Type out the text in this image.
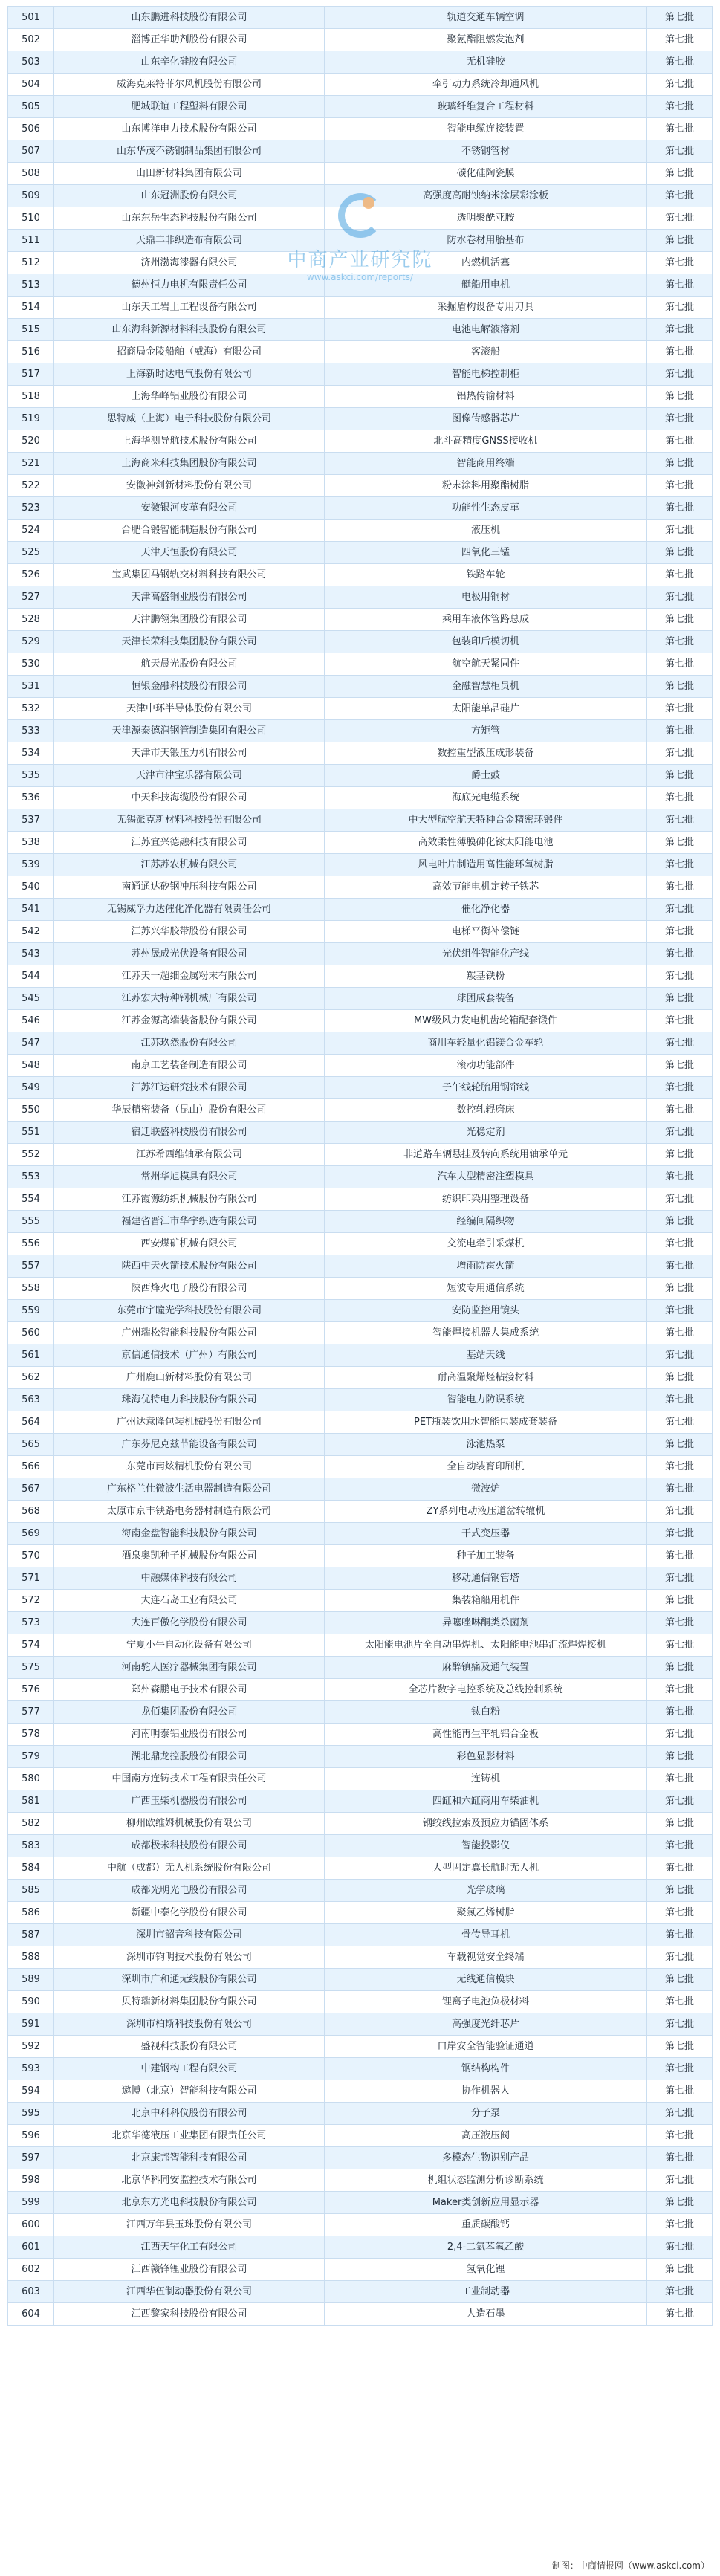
501	山东鹏进科技股份有限公司	轨道交通车辆空调	第七批
502	淄博正华助剂股份有限公司	聚氨酯阻燃发泡剂	第七批
503	山东辛化硅胶有限公司	无机硅胶	第七批
504	威海克莱特菲尔风机股份有限公司	牵引动力系统冷却通风机	第七批
505	肥城联谊工程塑料有限公司	玻璃纤维复合工程材料	第七批
506	山东博洋电力技术股份有限公司	智能电缆连接装置	第七批
507	山东华茂不锈钢制品集团有限公司	不锈钢管材	第七批
508	山田新材料集团有限公司	碳化硅陶瓷膜	第七批
509	山东冠洲股份有限公司	高强度高耐蚀纳米涂层彩涂板	第七批
510	山东东岳生态科技股份有限公司	透明聚酰亚胺	第七批
511	天鼎丰非织造布有限公司	防水卷材用胎基布	第七批
512	济州渤海漆器有限公司	内燃机活塞	第七批
513	德州恒力电机有限责任公司	艇船用电机	第七批
514	山东天工岩土工程设备有限公司	采掘盾构设备专用刀具	第七批
515	山东海科新源材料科技股份有限公司	电池电解液溶剂	第七批
516	招商局金陵船舶（威海）有限公司	客滚船	第七批
517	上海新时达电气股份有限公司	智能电梯控制柜	第七批
518	上海华峰铝业股份有限公司	铝热传输材料	第七批
519	思特威（上海）电子科技股份有限公司	图像传感器芯片	第七批
520	上海华测导航技术股份有限公司	北斗高精度GNSS接收机	第七批
521	上海商米科技集团股份有限公司	智能商用终端	第七批
522	安徽神剑新材料股份有限公司	粉末涂料用聚酯树脂	第七批
523	安徽银河皮革有限公司	功能性生态皮革	第七批
524	合肥合锻智能制造股份有限公司	液压机	第七批
525	天津天恒股份有限公司	四氧化三锰	第七批
526	宝武集团马钢轨交材料科技有限公司	铁路车轮	第七批
527	天津高盛铜业股份有限公司	电极用铜材	第七批
528	天津鹏翎集团股份有限公司	乘用车液体管路总成	第七批
529	天津长荣科技集团股份有限公司	包装印后模切机	第七批
530	航天晨光股份有限公司	航空航天紧固件	第七批
531	恒银金融科技股份有限公司	金融智慧柜员机	第七批
532	天津中环半导体股份有限公司	太阳能单晶硅片	第七批
533	天津源泰德润钢管制造集团有限公司	方矩管	第七批
534	天津市天锻压力机有限公司	数控重型液压成形装备	第七批
535	天津市津宝乐器有限公司	爵士鼓	第七批
536	中天科技海缆股份有限公司	海底光电缆系统	第七批
537	无锡派克新材料科技股份有限公司	中大型航空航天特种合金精密环锻件	第七批
538	江苏宜兴德融科技有限公司	高效柔性薄膜砷化镓太阳能电池	第七批
539	江苏苏农机械有限公司	风电叶片制造用高性能环氧树脂	第七批
540	南通通达矽钢冲压科技有限公司	高效节能电机定转子铁芯	第七批
541	无锡威孚力达催化净化器有限责任公司	催化净化器	第七批
542	江苏兴华胶带股份有限公司	电梯平衡补偿链	第七批
543	苏州晟成光伏设备有限公司	光伏组件智能化产线	第七批
544	江苏天一超细金属粉末有限公司	羰基铁粉	第七批
545	江苏宏大特种钢机械厂有限公司	球团成套装备	第七批
546	江苏金源高端装备股份有限公司	MW级风力发电机齿轮箱配套锻件	第七批
547	江苏玖然股份有限公司	商用车轻量化铝镁合金车轮	第七批
548	南京工艺装备制造有限公司	滚动功能部件	第七批
549	江苏江达研究技术有限公司	子午线轮胎用钢帘线	第七批
550	华辰精密装备（昆山）股份有限公司	数控轧辊磨床	第七批
551	宿迁联盛科技股份有限公司	光稳定剂	第七批
552	江苏希西维轴承有限公司	非道路车辆悬挂及转向系统用轴承单元	第七批
553	常州华旭模具有限公司	汽车大型精密注塑模具	第七批
554	江苏霞源纺织机械股份有限公司	纺织印染用整理设备	第七批
555	福建省晋江市华宇织造有限公司	经编间隔织物	第七批
556	西安煤矿机械有限公司	交流电牵引采煤机	第七批
557	陕西中天火箭技术股份有限公司	增雨防雹火箭	第七批
558	陕西烽火电子股份有限公司	短波专用通信系统	第七批
559	东莞市宇瞳光学科技股份有限公司	安防监控用镜头	第七批
560	广州瑞松智能科技股份有限公司	智能焊接机器人集成系统	第七批
561	京信通信技术（广州）有限公司	基站天线	第七批
562	广州鹿山新材料股份有限公司	耐高温聚烯烃粘接材料	第七批
563	珠海优特电力科技股份有限公司	智能电力防误系统	第七批
564	广州达意隆包装机械股份有限公司	PET瓶装饮用水智能包装成套装备	第七批
565	广东芬尼克兹节能设备有限公司	泳池热泵	第七批
566	东莞市南炫精机股份有限公司	全自动装育印刷机	第七批
567	广东格兰仕微波生活电器制造有限公司	微波炉	第七批
568	太原市京丰铁路电务器材制造有限公司	ZY系列电动液压道岔转辙机	第七批
569	海南金盘智能科技股份有限公司	干式变压器	第七批
570	酒泉奥凯种子机械股份有限公司	种子加工装备	第七批
571	中融媒体科技有限公司	移动通信钢管塔	第七批
572	大连石岛工业有限公司	集装箱船用机件	第七批
573	大连百傲化学股份有限公司	异噻唑啉酮类杀菌剂	第七批
574	宁夏小牛自动化设备有限公司	太阳能电池片全自动串焊机、太阳能电池串汇流焊焊接机	第七批
575	河南驼人医疗器械集团有限公司	麻醉镇痛及通气装置	第七批
576	郑州森鹏电子技术有限公司	全芯片数字电控系统及总线控制系统	第七批
577	龙佰集团股份有限公司	钛白粉	第七批
578	河南明泰铝业股份有限公司	高性能再生平轧铝合金板	第七批
579	湖北鼎龙控股股份有限公司	彩色显影材料	第七批
580	中国南方连铸技术工程有限责任公司	连铸机	第七批
581	广西玉柴机器股份有限公司	四缸和六缸商用车柴油机	第七批
582	柳州欧维姆机械股份有限公司	钢绞线拉索及预应力锚固体系	第七批
583	成都极米科技股份有限公司	智能投影仪	第七批
584	中航（成都）无人机系统股份有限公司	大型固定翼长航时无人机	第七批
585	成都光明光电股份有限公司	光学玻璃	第七批
586	新疆中泰化学股份有限公司	聚氯乙烯树脂	第七批
587	深圳市韶音科技有限公司	骨传导耳机	第七批
588	深圳市钧明技术股份有限公司	车载视觉安全终端	第七批
589	深圳市广和通无线股份有限公司	无线通信模块	第七批
590	贝特瑞新材料集团股份有限公司	锂离子电池负极材料	第七批
591	深圳市柏斯科技股份有限公司	高强度光纤芯片	第七批
592	盛视科技股份有限公司	口岸安全智能验证通道	第七批
593	中建钢构工程有限公司	钢结构构件	第七批
594	遨博（北京）智能科技有限公司	协作机器人	第七批
595	北京中科科仪股份有限公司	分子泵	第七批
596	北京华德液压工业集团有限责任公司	高压液压阀	第七批
597	北京康邦智能科技有限公司	多模态生物识别产品	第七批
598	北京华科同安监控技术有限公司	机组状态监测分析诊断系统	第七批
599	北京东方光电科技股份有限公司	Maker类创新应用显示器	第七批
600	江西万年县玉珠股份有限公司	重质碳酸钙	第七批
601	江西天宇化工有限公司	2,4-二氯苯氧乙酸	第七批
602	江西赣锋锂业股份有限公司	氢氧化锂	第七批
603	江西华伍制动器股份有限公司	工业制动器	第七批
604	江西黎家科技股份有限公司	人造石墨	第七批
中商产业研究院
www.askci.com/reports/
制图：中商情报网（www.askci.com）
